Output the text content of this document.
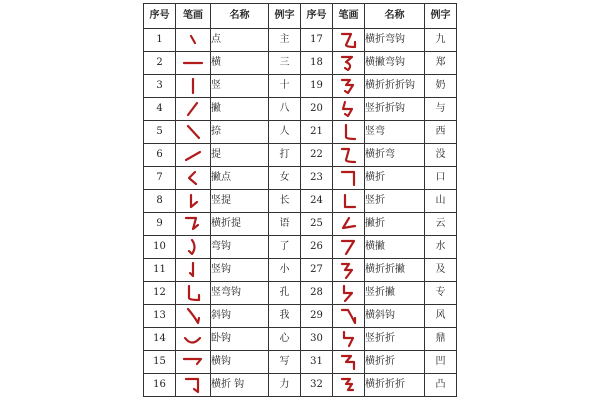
序号	笔画	名称	例字	序号	笔画	名称	例字
1		点	主	17		横折弯钩	九
2		横	三	18		横撇弯钩	郑
3		竖	十	19		横折折折钩	奶
4		撇	八	20		竖折折钩	与
5		捺	人	21		竖弯	西
6		提	打	22		横折弯	没
7		撇点	女	23		横折	口
8		竖提	长	24		竖折	山
9		横折提	语	25		撇折	云
10		弯钩	了	26		横撇	水
11		竖钩	小	27		横折折撇	及
12		竖弯钩	孔	28		竖折撇	专
13		斜钩	我	29		横斜钩	风
14		卧钩	心	30		竖折折	鼎
15		横钩	写	31		横折折	凹
16		横折 钩	力	32		横折折折	凸
